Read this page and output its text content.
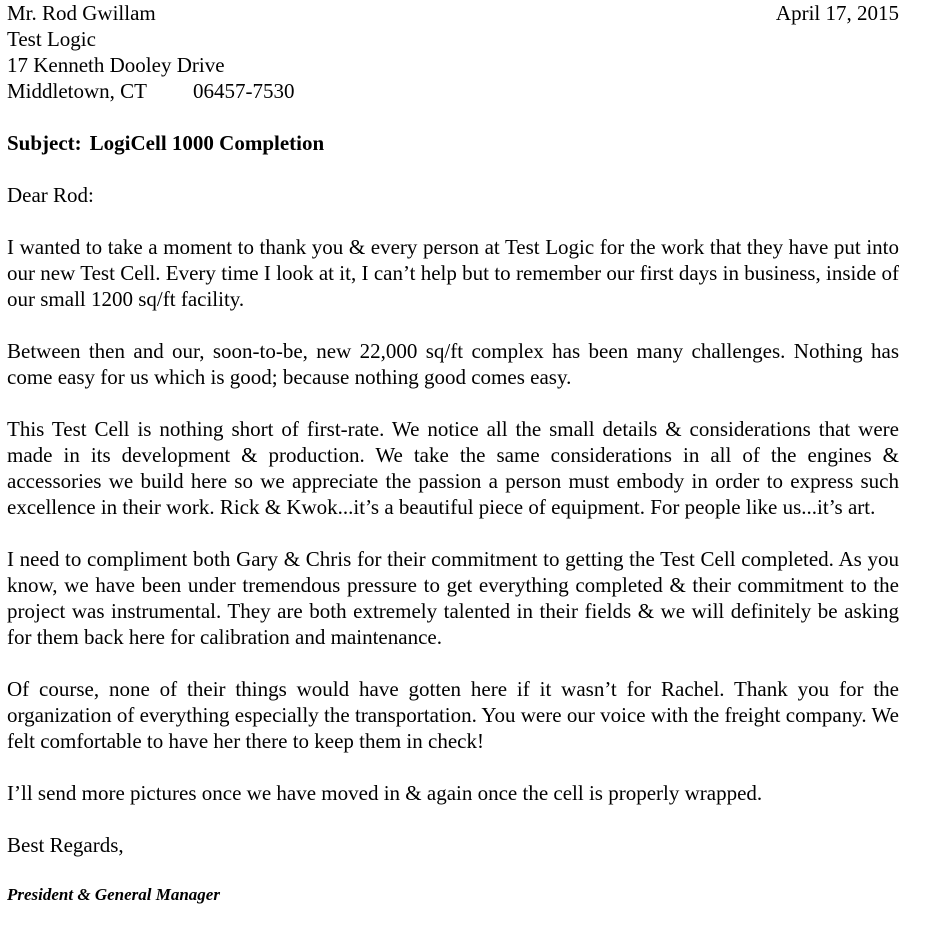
April 17, 2015
Mr. Rod Gwillam
Test Logic
17 Kenneth Dooley Drive
Middletown, CT 06457-7530
Subject: LogiCell 1000 Completion
Dear Rod:
I wanted to take a moment to thank you & every person at Test Logic for the work that they have put into our new Test Cell. Every time I look at it, I can’t help but to remember our first days in business, inside of our small 1200 sq/ft facility.
Between then and our, soon-to-be, new 22,000 sq/ft complex has been many challenges. Nothing has come easy for us which is good; because nothing good comes easy.
This Test Cell is nothing short of first-rate. We notice all the small details & considerations that were made in its development & production. We take the same considerations in all of the engines & accessories we build here so we appreciate the passion a person must embody in order to express such excellence in their work. Rick & Kwok...it’s a beautiful piece of equipment. For people like us...it’s art.
I need to compliment both Gary & Chris for their commitment to getting the Test Cell completed. As you know, we have been under tremendous pressure to get everything completed & their commitment to the project was instrumental. They are both extremely talented in their fields & we will definitely be asking for them back here for calibration and maintenance.
Of course, none of their things would have gotten here if it wasn’t for Rachel. Thank you for the organization of everything especially the transportation. You were our voice with the freight company. We felt comfortable to have her there to keep them in check!
I’ll send more pictures once we have moved in & again once the cell is properly wrapped.
Best Regards,
President & General Manager
